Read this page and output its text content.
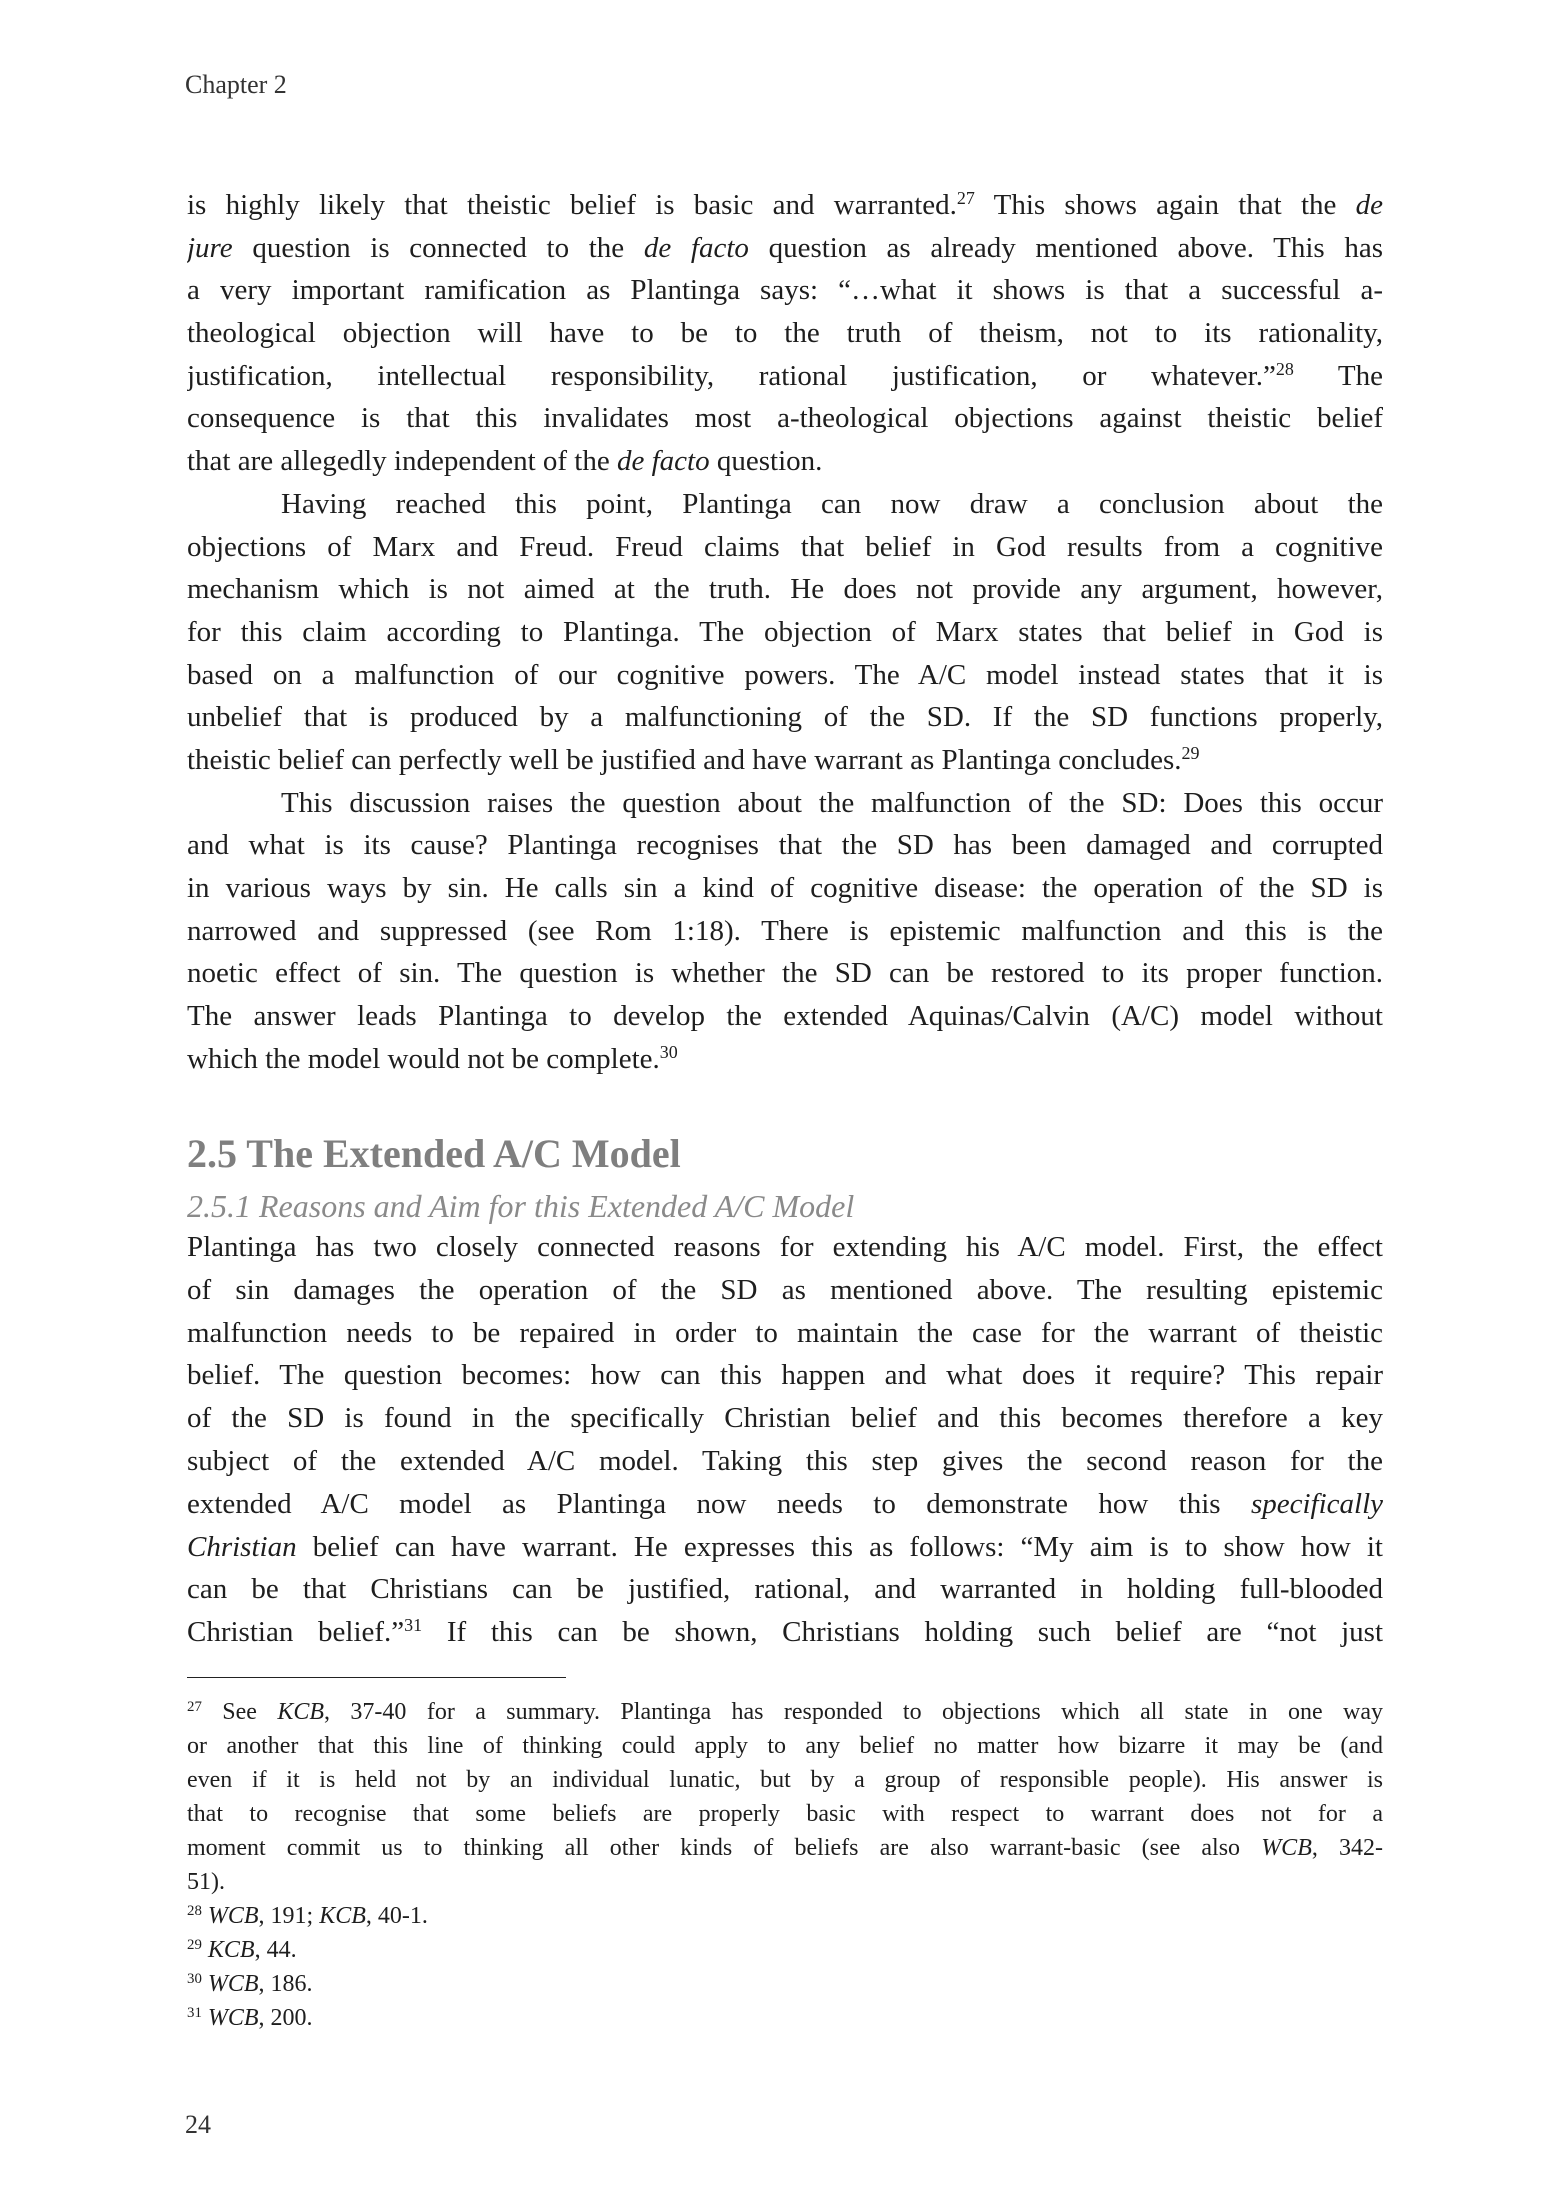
Chapter 2
is highly likely that theistic belief is basic and warranted.$^{27}$ This shows again that the de
jure question is connected to the de facto question as already mentioned above. This has
a very important ramification as Plantinga says: “…what it shows is that a successful a-
theological objection will have to be to the truth of theism, not to its rationality,
justification, intellectual responsibility, rational justification, or whatever.”$^{28}$ The
consequence is that this invalidates most a-theological objections against theistic belief
that are allegedly independent of the de facto question.
Having reached this point, Plantinga can now draw a conclusion about the
objections of Marx and Freud. Freud claims that belief in God results from a cognitive
mechanism which is not aimed at the truth. He does not provide any argument, however,
for this claim according to Plantinga. The objection of Marx states that belief in God is
based on a malfunction of our cognitive powers. The A/C model instead states that it is
unbelief that is produced by a malfunctioning of the SD. If the SD functions properly,
theistic belief can perfectly well be justified and have warrant as Plantinga concludes.$^{29}$
This discussion raises the question about the malfunction of the SD: Does this occur
and what is its cause? Plantinga recognises that the SD has been damaged and corrupted
in various ways by sin. He calls sin a kind of cognitive disease: the operation of the SD is
narrowed and suppressed (see Rom 1:18). There is epistemic malfunction and this is the
noetic effect of sin. The question is whether the SD can be restored to its proper function.
The answer leads Plantinga to develop the extended Aquinas/Calvin (A/C) model without
which the model would not be complete.$^{30}$
2.5 The Extended A/C Model
2.5.1 Reasons and Aim for this Extended A/C Model
Plantinga has two closely connected reasons for extending his A/C model. First, the effect
of sin damages the operation of the SD as mentioned above. The resulting epistemic
malfunction needs to be repaired in order to maintain the case for the warrant of theistic
belief. The question becomes: how can this happen and what does it require? This repair
of the SD is found in the specifically Christian belief and this becomes therefore a key
subject of the extended A/C model. Taking this step gives the second reason for the
extended A/C model as Plantinga now needs to demonstrate how this specifically
Christian belief can have warrant. He expresses this as follows: “My aim is to show how it
can be that Christians can be justified, rational, and warranted in holding full-blooded
Christian belief.”$^{31}$ If this can be shown, Christians holding such belief are “not just
$^{27}$ See KCB, 37-40 for a summary. Plantinga has responded to objections which all state in one way
or another that this line of thinking could apply to any belief no matter how bizarre it may be (and
even if it is held not by an individual lunatic, but by a group of responsible people). His answer is
that to recognise that some beliefs are properly basic with respect to warrant does not for a
moment commit us to thinking all other kinds of beliefs are also warrant-basic (see also WCB, 342-
51).
$^{28}$ WCB, 191; KCB, 40-1.
$^{29}$ KCB, 44.
$^{30}$ WCB, 186.
$^{31}$ WCB, 200.
24
